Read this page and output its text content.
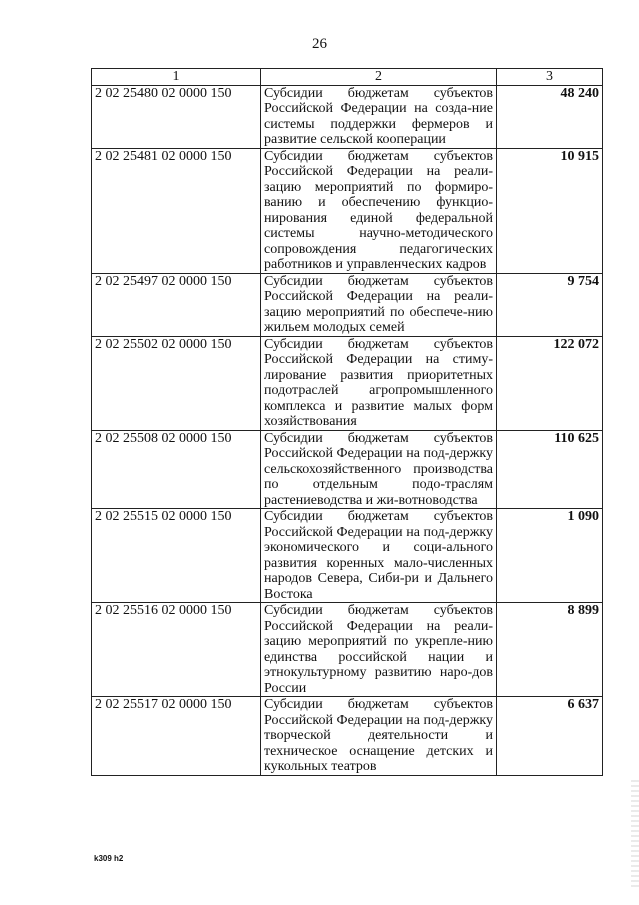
26
1	2	3
2 02 25480 02 0000 150	Субсидии бюджетам субъектов Российской Федерации на созда-ние системы поддержки фермеров и развитие сельской кооперации	48 240
2 02 25481 02 0000 150	Субсидии бюджетам субъектов Российской Федерации на реали-зацию мероприятий по формиро-ванию и обеспечению функцио-нирования единой федеральной системы научно-методического сопровождения педагогических работников и управленческих кадров	10 915
2 02 25497 02 0000 150	Субсидии бюджетам субъектов Российской Федерации на реали-зацию мероприятий по обеспече-нию жильем молодых семей	9 754
2 02 25502 02 0000 150	Субсидии бюджетам субъектов Российской Федерации на стиму-лирование развития приоритетных подотраслей агропромышленного комплекса и развитие малых форм хозяйствования	122 072
2 02 25508 02 0000 150	Субсидии бюджетам субъектов Российской Федерации на под-держку сельскохозяйственного производства по отдельным подо-траслям растениеводства и жи-вотноводства	110 625
2 02 25515 02 0000 150	Субсидии бюджетам субъектов Российской Федерации на под-держку экономического и соци-ального развития коренных мало-численных народов Севера, Сиби-ри и Дальнего Востока	1 090
2 02 25516 02 0000 150	Субсидии бюджетам субъектов Российской Федерации на реали-зацию мероприятий по укрепле-нию единства российской нации и этнокультурному развитию наро-дов России	8 899
2 02 25517 02 0000 150	Субсидии бюджетам субъектов Российской Федерации на под-держку творческой деятельности и техническое оснащение детских и кукольных театров	6 637
k309 h2
